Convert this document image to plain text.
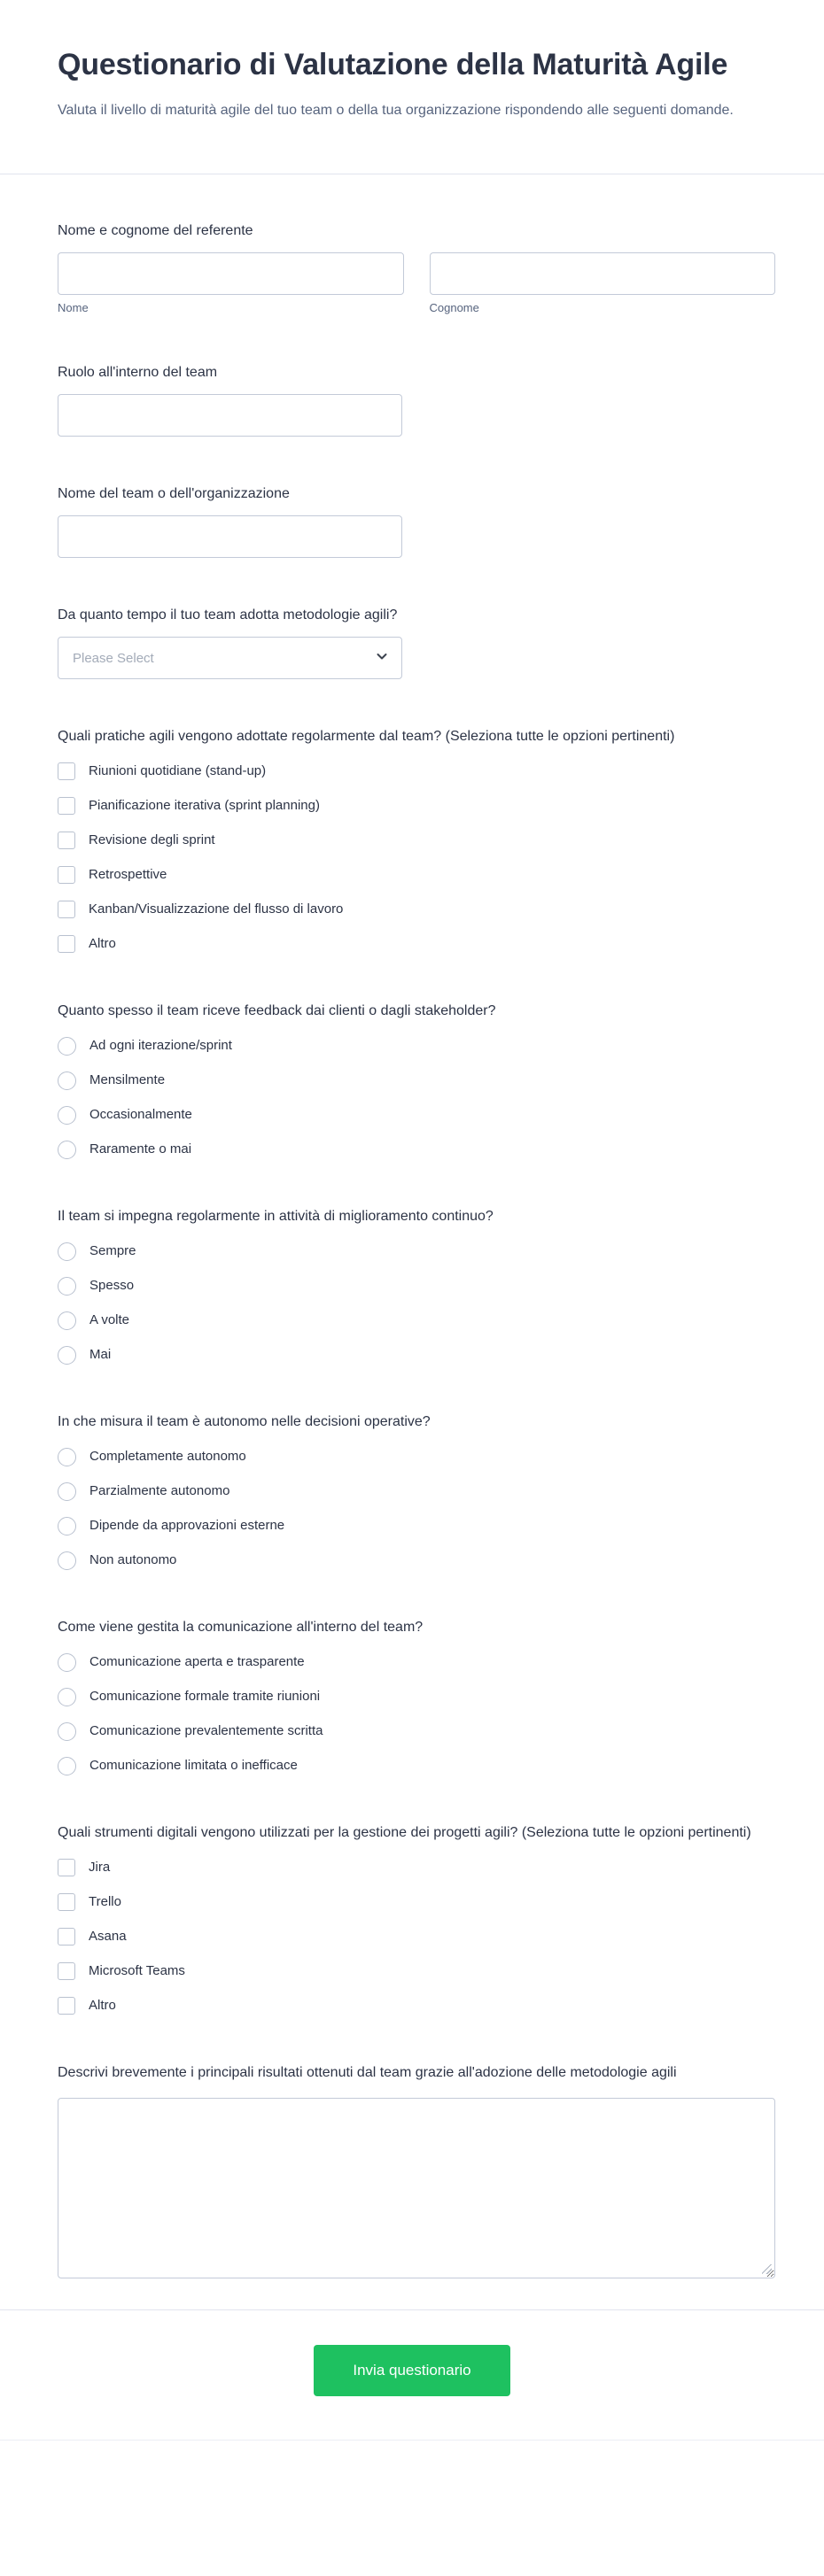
Questionario di Valutazione della Maturità Agile

Valuta il livello di maturità agile del tuo team o della tua organizzazione rispondendo alle seguenti domande.

Nome e cognome del referente
Nome	Cognome
Ruolo all'interno del team
Nome del team o dell'organizzazione
Da quanto tempo il tuo team adotta metodologie agili?
Please Select
Quali pratiche agili vengono adottate regolarmente dal team? (Seleziona tutte le opzioni pertinenti)
Riunioni quotidiane (stand-up)
Pianificazione iterativa (sprint planning)
Revisione degli sprint
Retrospettive
Kanban/Visualizzazione del flusso di lavoro
Altro
Quanto spesso il team riceve feedback dai clienti o dagli stakeholder?
Ad ogni iterazione/sprint
Mensilmente
Occasionalmente
Raramente o mai
Il team si impegna regolarmente in attività di miglioramento continuo?
Sempre
Spesso
A volte
Mai
In che misura il team è autonomo nelle decisioni operative?
Completamente autonomo
Parzialmente autonomo
Dipende da approvazioni esterne
Non autonomo
Come viene gestita la comunicazione all'interno del team?
Comunicazione aperta e trasparente
Comunicazione formale tramite riunioni
Comunicazione prevalentemente scritta
Comunicazione limitata o inefficace
Quali strumenti digitali vengono utilizzati per la gestione dei progetti agili? (Seleziona tutte le opzioni pertinenti)
Jira
Trello
Asana
Microsoft Teams
Altro
Descrivi brevemente i principali risultati ottenuti dal team grazie all'adozione delle metodologie agili
Invia questionario
